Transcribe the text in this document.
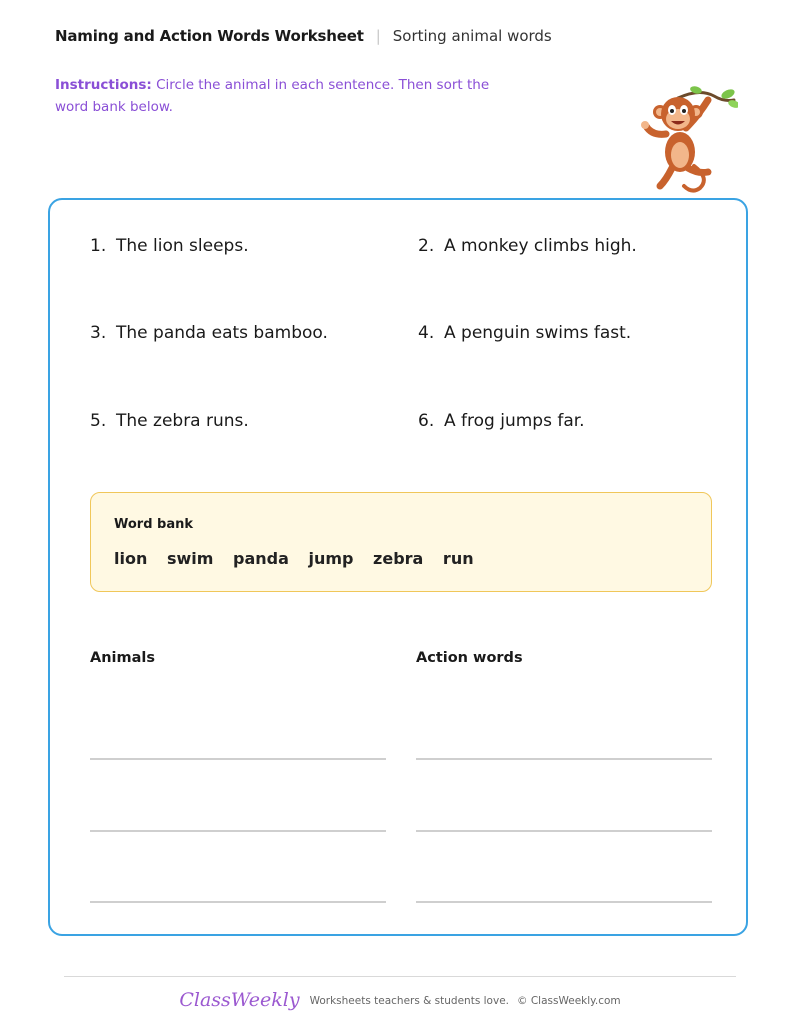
Naming and Action Words Worksheet | Sorting animal words
Instructions: Circle the animal in each sentence. Then sort the word bank below.
1. The lion sleeps.	2. A monkey climbs high.
3. The panda eats bamboo.	4. A penguin swims fast.
5. The zebra runs.	6. A frog jumps far.
Word bank
lion swim panda jump zebra run
Animals	Action words
ClassWeekly Worksheets teachers & students love. © ClassWeekly.com
